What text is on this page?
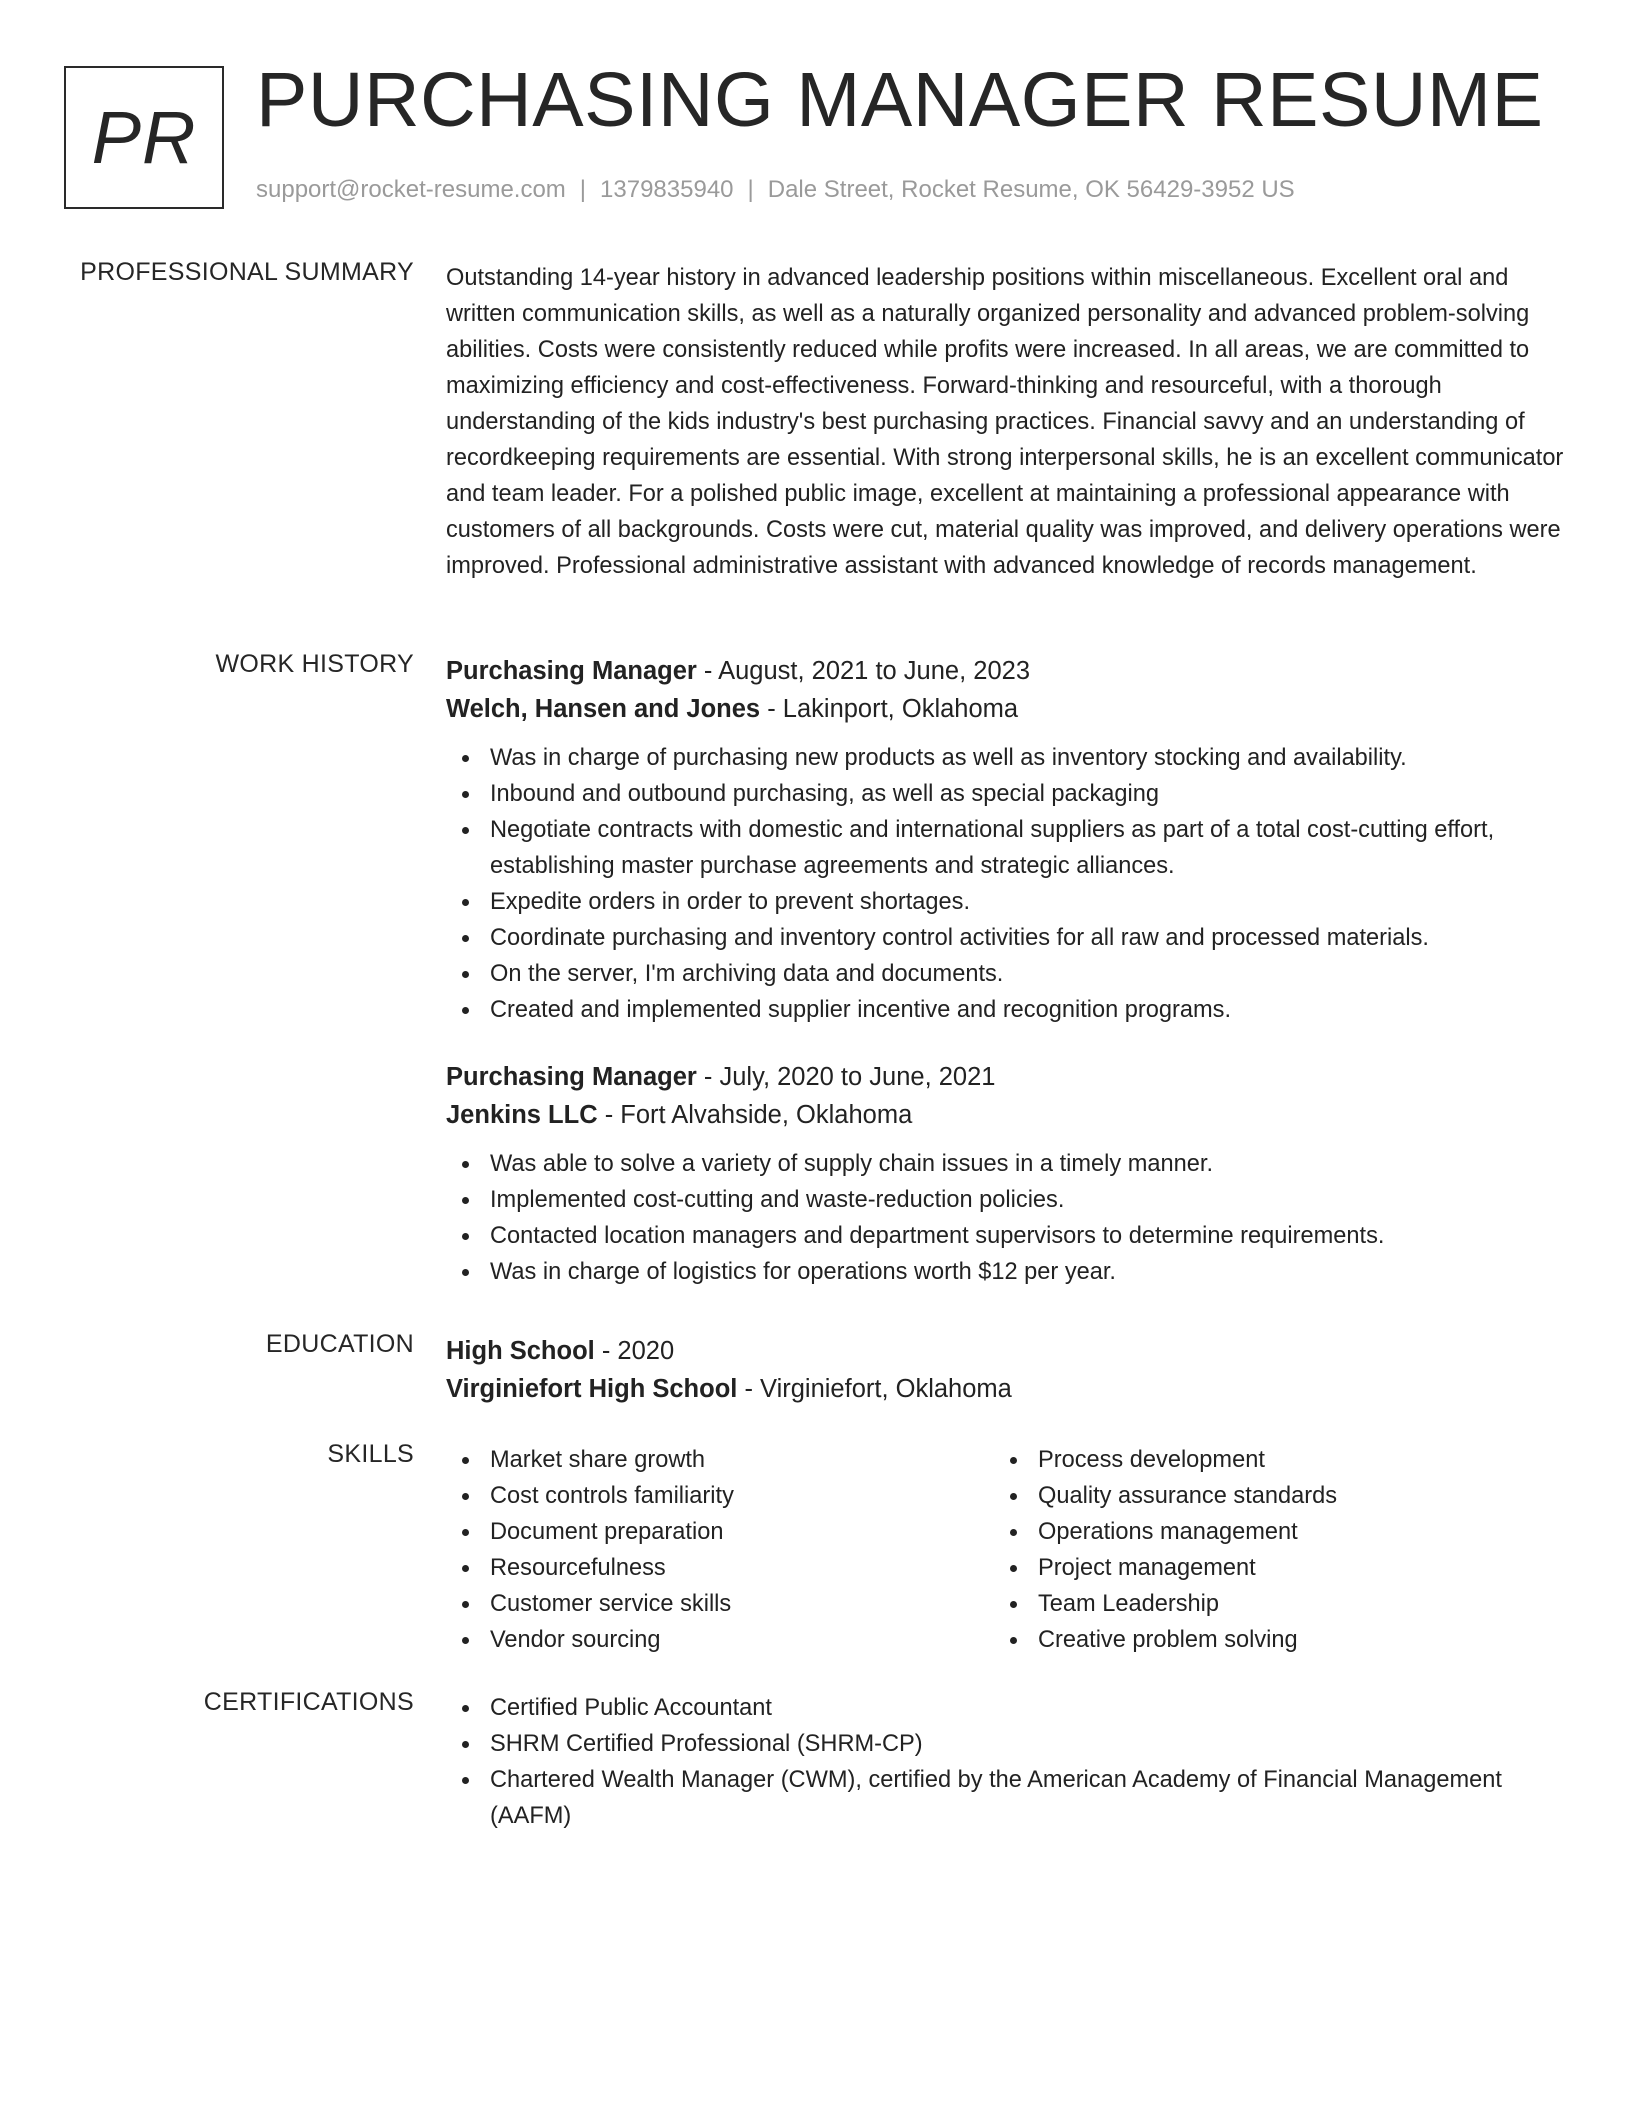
PR PURCHASING MANAGER RESUME
support@rocket-resume.com | 1379835940 | Dale Street, Rocket Resume, OK 56429-3952 US
PROFESSIONAL SUMMARY Outstanding 14-year history in advanced leadership positions within miscellaneous. Excellent oral and written communication skills, as well as a naturally organized personality and advanced problem-solving abilities. Costs were consistently reduced while profits were increased. In all areas, we are committed to maximizing efficiency and cost-effectiveness. Forward-thinking and resourceful, with a thorough understanding of the kids industry's best purchasing practices. Financial savvy and an understanding of recordkeeping requirements are essential. With strong interpersonal skills, he is an excellent communicator and team leader. For a polished public image, excellent at maintaining a professional appearance with customers of all backgrounds. Costs were cut, material quality was improved, and delivery operations were improved. Professional administrative assistant with advanced knowledge of records management.
WORK HISTORY Purchasing Manager - August, 2021 to June, 2023
Welch, Hansen and Jones - Lakinport, Oklahoma
Was in charge of purchasing new products as well as inventory stocking and availability.
Inbound and outbound purchasing, as well as special packaging
Negotiate contracts with domestic and international suppliers as part of a total cost-cutting effort, establishing master purchase agreements and strategic alliances.
Expedite orders in order to prevent shortages.
Coordinate purchasing and inventory control activities for all raw and processed materials.
On the server, I'm archiving data and documents.
Created and implemented supplier incentive and recognition programs.
Purchasing Manager - July, 2020 to June, 2021
Jenkins LLC - Fort Alvahside, Oklahoma
Was able to solve a variety of supply chain issues in a timely manner.
Implemented cost-cutting and waste-reduction policies.
Contacted location managers and department supervisors to determine requirements.
Was in charge of logistics for operations worth $12 per year.
EDUCATION High School - 2020
Virginiefort High School - Virginiefort, Oklahoma
SKILLS	Market share growth
Cost controls familiarity
Document preparation
Resourcefulness
Customer service skills
Vendor sourcing
Process development
Quality assurance standards
Operations management
Project management
Team Leadership
Creative problem solving
CERTIFICATIONS	Certified Public Accountant
SHRM Certified Professional (SHRM-CP)
Chartered Wealth Manager (CWM), certified by the American Academy of Financial Management (AAFM)
